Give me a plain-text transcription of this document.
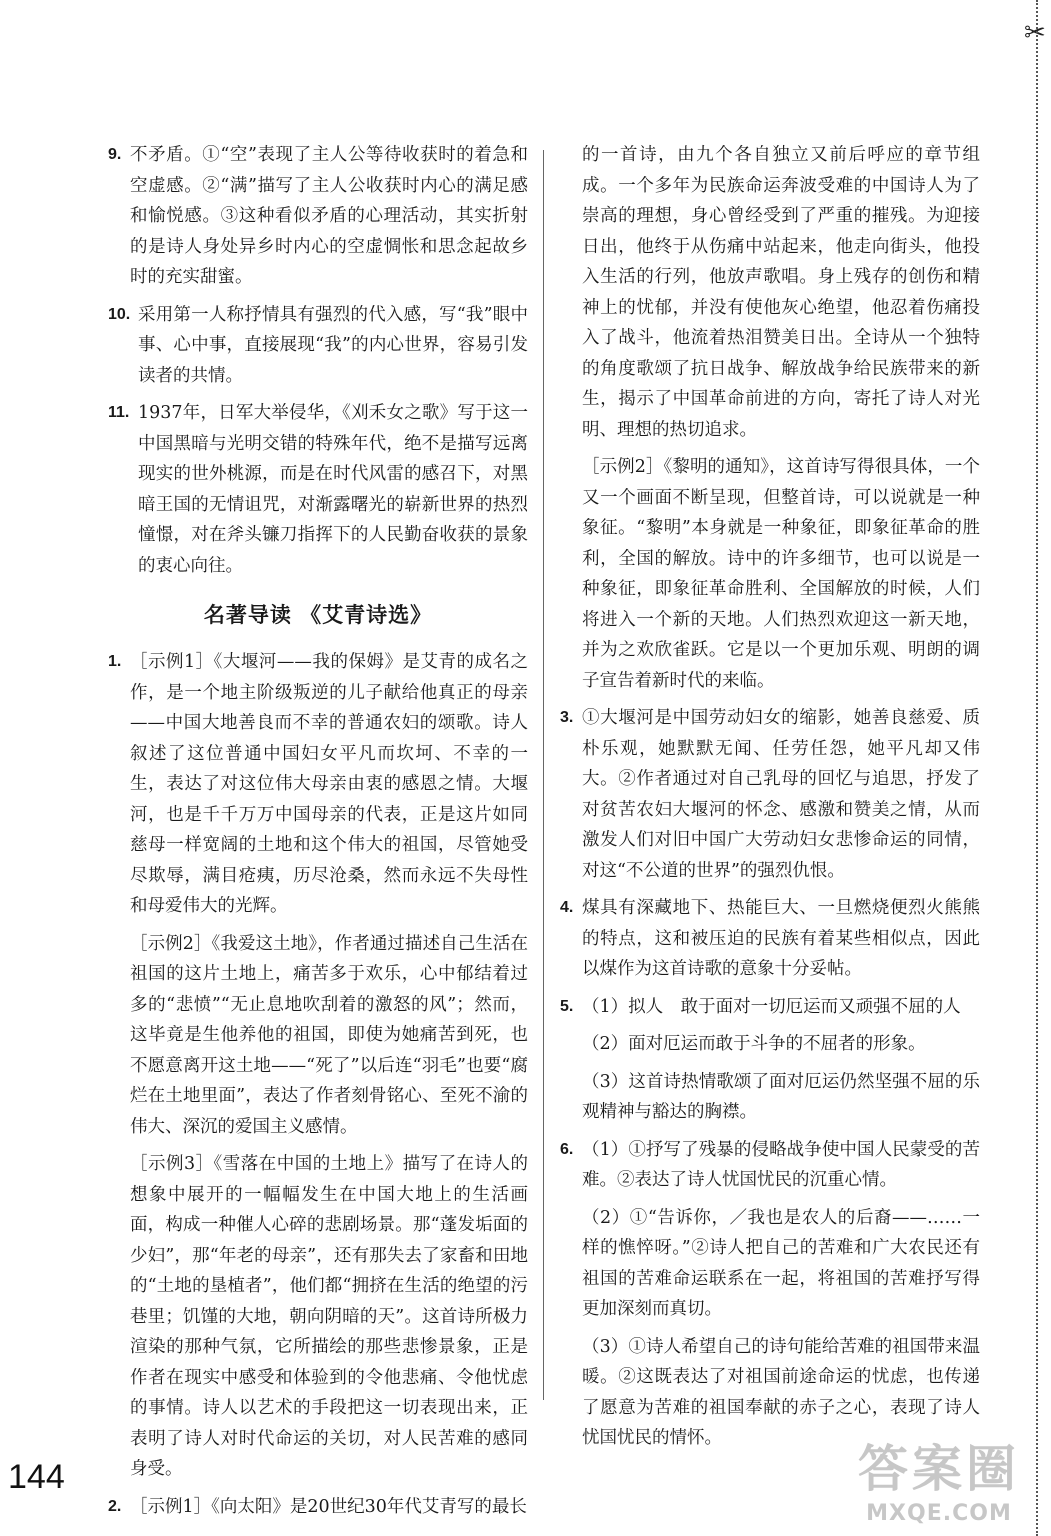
✂
9. 不矛盾。①“空”表现了主人公等待收获时的着急和空虚感。②“满”描写了主人公收获时内心的满足感和愉悦感。③这种看似矛盾的心理活动，其实折射的是诗人身处异乡时内心的空虚惆怅和思念起故乡时的充实甜蜜。
10. 采用第一人称抒情具有强烈的代入感，写“我”眼中事、心中事，直接展现“我”的内心世界，容易引发读者的共情。
11. 1937年，日军大举侵华，《刈禾女之歌》写于这一中国黑暗与光明交错的特殊年代，绝不是描写远离现实的世外桃源，而是在时代风雷的感召下，对黑暗王国的无情诅咒，对渐露曙光的崭新世界的热烈憧憬，对在斧头镰刀指挥下的人民勤奋收获的景象的衷心向往。
名著导读 《艾青诗选》
1. ［示例1］《大堰河——我的保姆》是艾青的成名之作，是一个地主阶级叛逆的儿子献给他真正的母亲——中国大地善良而不幸的普通农妇的颂歌。诗人叙述了这位普通中国妇女平凡而坎坷、不幸的一生，表达了对这位伟大母亲由衷的感恩之情。大堰河，也是千千万万中国母亲的代表，正是这片如同慈母一样宽阔的土地和这个伟大的祖国，尽管她受尽欺辱，满目疮痍，历尽沧桑，然而永远不失母性和母爱伟大的光辉。
［示例2］《我爱这土地》，作者通过描述自己生活在祖国的这片土地上，痛苦多于欢乐，心中郁结着过多的“悲愤”“无止息地吹刮着的激怒的风”；然而，这毕竟是生他养他的祖国，即使为她痛苦到死，也不愿意离开这土地——“死了”以后连“羽毛”也要“腐烂在土地里面”，表达了作者刻骨铭心、至死不渝的伟大、深沉的爱国主义感情。
［示例3］《雪落在中国的土地上》描写了在诗人的想象中展开的一幅幅发生在中国大地上的生活画面，构成一种催人心碎的悲剧场景。那“蓬发垢面的少妇”，那“年老的母亲”，还有那失去了家畜和田地的“土地的垦植者”，他们都“拥挤在生活的绝望的污巷里；饥馑的大地，朝向阴暗的天”。这首诗所极力渲染的那种气氛，它所描绘的那些悲惨景象，正是作者在现实中感受和体验到的令他悲痛、令他忧虑的事情。诗人以艺术的手段把这一切表现出来，正表明了诗人对时代命运的关切，对人民苦难的感同身受。
2. ［示例1］《向太阳》是20世纪30年代艾青写的最长
的一首诗，由九个各自独立又前后呼应的章节组成。一个多年为民族命运奔波受难的中国诗人为了崇高的理想，身心曾经受到了严重的摧残。为迎接日出，他终于从伤痛中站起来，他走向街头，他投入生活的行列，他放声歌唱。身上残存的创伤和精神上的忧郁，并没有使他灰心绝望，他忍着伤痛投入了战斗，他流着热泪赞美日出。全诗从一个独特的角度歌颂了抗日战争、解放战争给民族带来的新生，揭示了中国革命前进的方向，寄托了诗人对光明、理想的热切追求。
［示例2］《黎明的通知》，这首诗写得很具体，一个又一个画面不断呈现，但整首诗，可以说就是一种象征。“黎明”本身就是一种象征，即象征革命的胜利，全国的解放。诗中的许多细节，也可以说是一种象征，即象征革命胜利、全国解放的时候，人们将进入一个新的天地。人们热烈欢迎这一新天地，并为之欢欣雀跃。它是以一个更加乐观、明朗的调子宣告着新时代的来临。
3. ①大堰河是中国劳动妇女的缩影，她善良慈爱、质朴乐观，她默默无闻、任劳任怨，她平凡却又伟大。②作者通过对自己乳母的回忆与追思，抒发了对贫苦农妇大堰河的怀念、感激和赞美之情，从而激发人们对旧中国广大劳动妇女悲惨命运的同情，对这“不公道的世界”的强烈仇恨。
4. 煤具有深藏地下、热能巨大、一旦燃烧便烈火熊熊的特点，这和被压迫的民族有着某些相似点，因此以煤作为这首诗歌的意象十分妥帖。
5. （1）拟人　敢于面对一切厄运而又顽强不屈的人
（2）面对厄运而敢于斗争的不屈者的形象。
（3）这首诗热情歌颂了面对厄运仍然坚强不屈的乐观精神与豁达的胸襟。
6. （1）①抒写了残暴的侵略战争使中国人民蒙受的苦难。②表达了诗人忧国忧民的沉重心情。
（2）①“告诉你，／我也是农人的后裔——……一样的憔悴呀。”②诗人把自己的苦难和广大农民还有祖国的苦难命运联系在一起，将祖国的苦难抒写得更加深刻而真切。
（3）①诗人希望自己的诗句能给苦难的祖国带来温暖。②这既表达了对祖国前途命运的忧虑，也传递了愿意为苦难的祖国奉献的赤子之心，表现了诗人忧国忧民的情怀。
144	答案圈
MXQE.COM
